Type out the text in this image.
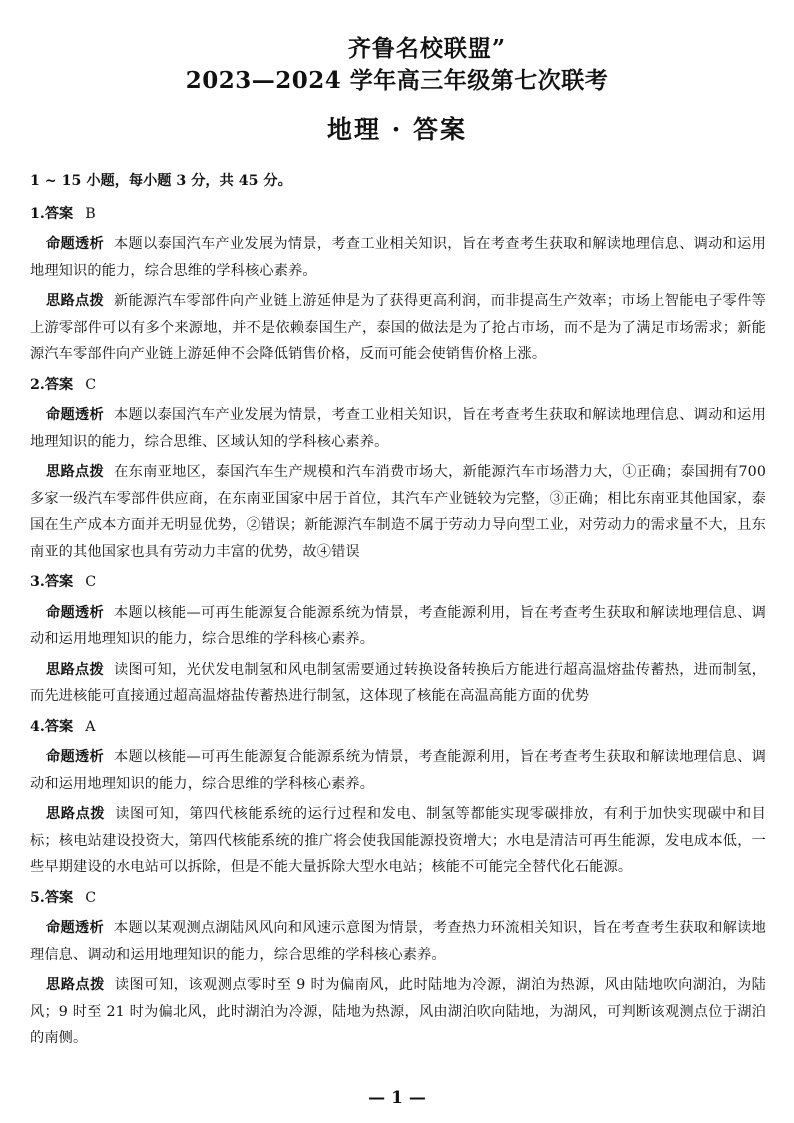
齐鲁名校联盟”
2023—2024 学年高三年级第七次联考
地理 · 答案

1 ~ 15 小题，每小题 3 分，共 45 分。

1.答案 B

命题透析 本题以泰国汽车产业发展为情景，考查工业相关知识，旨在考查考生获取和解读地理信息、调动和运用地理知识的能力，综合思维的学科核心素养。

思路点拨 新能源汽车零部件向产业链上游延伸是为了获得更高利润，而非提高生产效率；市场上智能电子零件等上游零部件可以有多个来源地，并不是依赖泰国生产，泰国的做法是为了抢占市场，而不是为了满足市场需求；新能源汽车零部件向产业链上游延伸不会降低销售价格，反而可能会使销售价格上涨。

2.答案 C

命题透析 本题以泰国汽车产业发展为情景，考查工业相关知识，旨在考查考生获取和解读地理信息、调动和运用地理知识的能力，综合思维、区域认知的学科核心素养。

思路点拨 在东南亚地区，泰国汽车生产规模和汽车消费市场大，新能源汽车市场潜力大，①正确；泰国拥有700 多家一级汽车零部件供应商，在东南亚国家中居于首位，其汽车产业链较为完整，③正确；相比东南亚其他国家，泰国在生产成本方面并无明显优势，②错误；新能源汽车制造不属于劳动力导向型工业，对劳动力的需求量不大，且东南亚的其他国家也具有劳动力丰富的优势，故④错误

3.答案 C

命题透析 本题以核能—可再生能源复合能源系统为情景，考查能源利用，旨在考查考生获取和解读地理信息、调动和运用地理知识的能力，综合思维的学科核心素养。

思路点拨 读图可知，光伏发电制氢和风电制氢需要通过转换设备转换后方能进行超高温熔盐传蓄热，进而制氢，而先进核能可直接通过超高温熔盐传蓄热进行制氢，这体现了核能在高温高能方面的优势

4.答案 A

命题透析 本题以核能—可再生能源复合能源系统为情景，考查能源利用，旨在考查考生获取和解读地理信息、调动和运用地理知识的能力，综合思维的学科核心素养。

思路点拨 读图可知，第四代核能系统的运行过程和发电、制氢等都能实现零碳排放，有利于加快实现碳中和目标；核电站建设投资大，第四代核能系统的推广将会使我国能源投资增大；水电是清洁可再生能源，发电成本低，一些早期建设的水电站可以拆除，但是不能大量拆除大型水电站；核能不可能完全替代化石能源。

5.答案 C

命题透析 本题以某观测点湖陆风风向和风速示意图为情景，考查热力环流相关知识，旨在考查考生获取和解读地理信息、调动和运用地理知识的能力，综合思维的学科核心素养。

思路点拨 读图可知，该观测点零时至 9 时为偏南风，此时陆地为冷源，湖泊为热源，风由陆地吹向湖泊，为陆风；9 时至 21 时为偏北风，此时湖泊为冷源，陆地为热源，风由湖泊吹向陆地，为湖风，可判断该观测点位于湖泊的南侧。

— 1 —
